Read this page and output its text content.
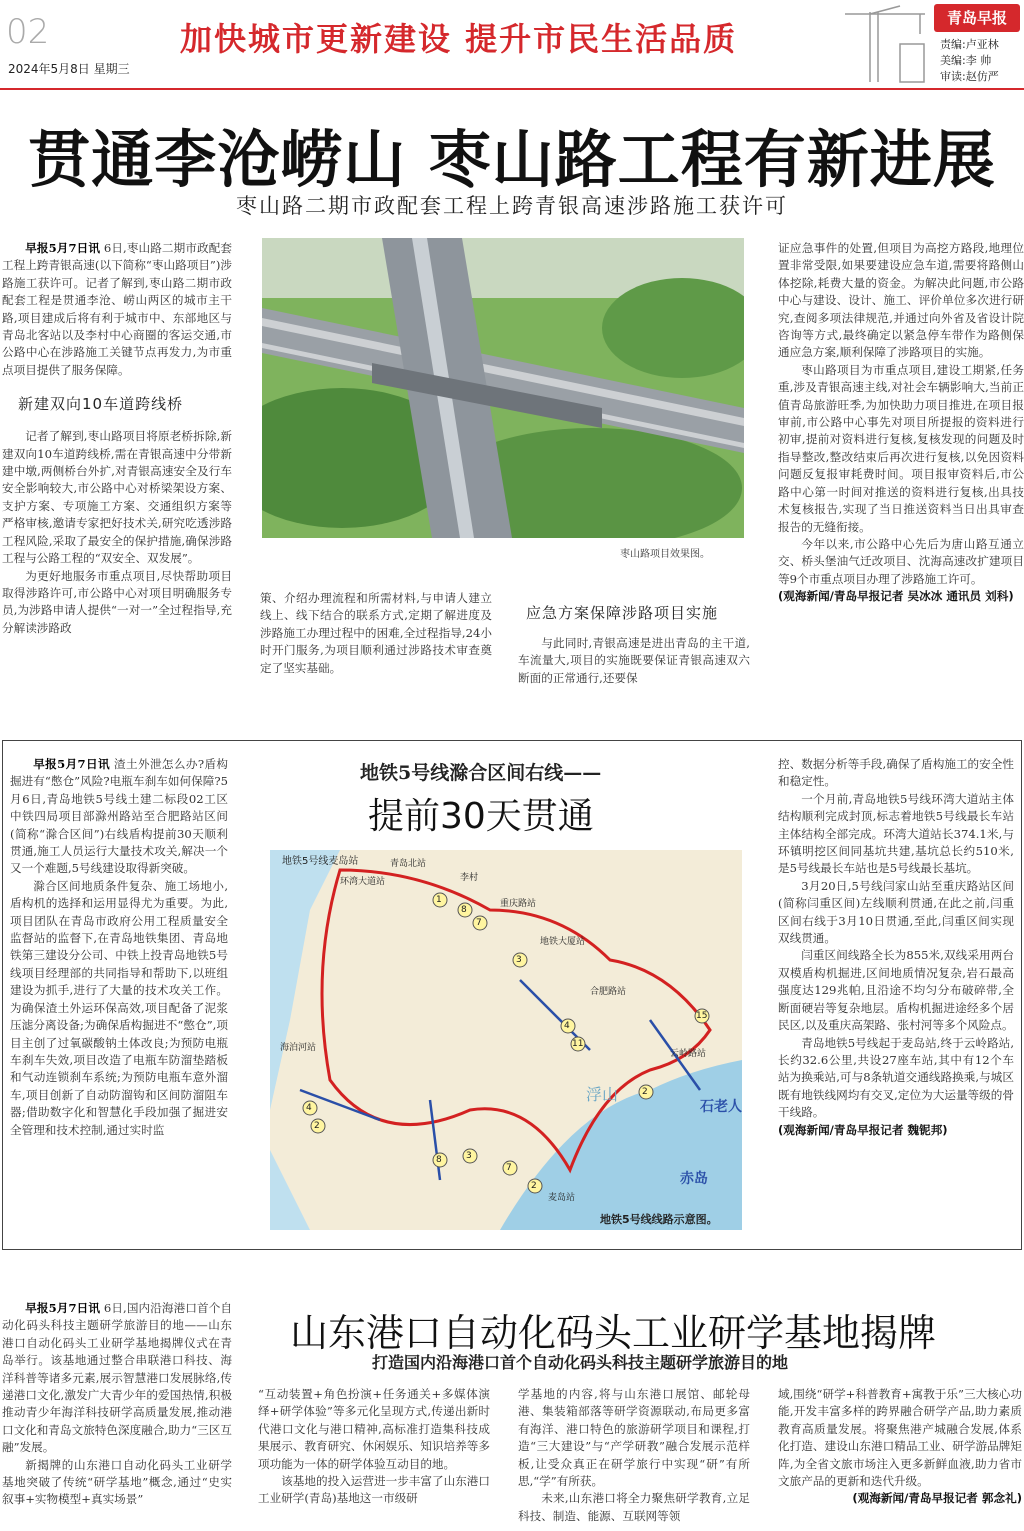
02
2024年5月8日 星期三
加快城市更新建设 提升市民生活品质
青岛早报
责编:卢亚林
美编:李 帅
审读:赵仿严
贯通李沧崂山 枣山路工程有新进展
枣山路二期市政配套工程上跨青银高速涉路施工获许可

早报5月7日讯 6日,枣山路二期市政配套工程上跨青银高速(以下简称“枣山路项目”)涉路施工获许可。记者了解到,枣山路二期市政配套工程是贯通李沧、崂山两区的城市主干路,项目建成后将有利于城市中、东部地区与青岛北客站以及李村中心商圈的客运交通,市公路中心在涉路施工关键节点再发力,为市重点项目提供了服务保障。

新建双向10车道跨线桥

记者了解到,枣山路项目将原老桥拆除,新建双向10车道跨线桥,需在青银高速中分带新建中墩,两侧桥台外扩,对青银高速安全及行车安全影响较大,市公路中心对桥梁架设方案、支护方案、专项施工方案、交通组织方案等严格审核,邀请专家把好技术关,研究吃透涉路工程风险,采取了最安全的保护措施,确保涉路工程与公路工程的“双安全、双发展”。

为更好地服务市重点项目,尽快帮助项目取得涉路许可,市公路中心对项目明确服务专员,为涉路申请人提供“一对一”全过程指导,充分解读涉路政

枣山路项目效果图。

策、介绍办理流程和所需材料,与申请人建立线上、线下结合的联系方式,定期了解进度及涉路施工办理过程中的困难,全过程指导,24小时开门服务,为项目顺利通过涉路技术审查奠定了坚实基础。

应急方案保障涉路项目实施

与此同时,青银高速是进出青岛的主干道,车流量大,项目的实施既要保证青银高速双六断面的正常通行,还要保

证应急事件的处置,但项目为高挖方路段,地理位置非常受限,如果要建设应急车道,需要将路侧山体挖除,耗费大量的资金。为解决此问题,市公路中心与建设、设计、施工、评价单位多次进行研究,查阅多项法律规范,并通过向外省及省设计院咨询等方式,最终确定以紧急停车带作为路侧保通应急方案,顺利保障了涉路项目的实施。

枣山路项目为市重点项目,建设工期紧,任务重,涉及青银高速主线,对社会车辆影响大,当前正值青岛旅游旺季,为加快助力项目推进,在项目报审前,市公路中心事先对项目所提报的资料进行初审,提前对资料进行复核,复核发现的问题及时指导整改,整改结束后再次进行复核,以免因资料问题反复报审耗费时间。项目报审资料后,市公路中心第一时间对推送的资料进行复核,出具技术复核报告,实现了当日推送资料当日出具审查报告的无缝衔接。

今年以来,市公路中心先后为唐山路互通立交、桥头堡油气迁改项目、沈海高速改扩建项目等9个市重点项目办理了涉路施工许可。

(观海新闻/青岛早报记者 吴冰冰 通讯员 刘科)

早报5月7日讯 渣土外泄怎么办?盾构掘进有“憋仓”风险?电瓶车刹车如何保障?5月6日,青岛地铁5号线土建二标段02工区中铁四局项目部滁州路站至合肥路站区间(简称“滁合区间”)右线盾构提前30天顺利贯通,施工人员运行大量技术攻关,解决一个又一个难题,5号线建设取得新突破。

滁合区间地质条件复杂、施工场地小,盾构机的选择和运用显得尤为重要。为此,项目团队在青岛市政府公用工程质量安全监督站的监督下,在青岛地铁集团、青岛地铁第三建设分公司、中铁上投青岛地铁5号线项目经理部的共同指导和帮助下,以班组建设为抓手,进行了大量的技术攻关工作。为确保渣土外运环保高效,项目配备了泥浆压滤分离设备;为确保盾构掘进不“憋仓”,项目主创了过氧碳酸钠土体改良;为预防电瓶车刹车失效,项目改造了电瓶车防溜垫踏板和气动连锁刹车系统;为预防电瓶车意外溜车,项目创新了自动防溜钩和区间防溜阻车器;借助数字化和智慧化手段加强了掘进安全管理和技术控制,通过实时监

地铁5号线滁合区间右线——
提前30天贯通
地铁5号线麦岛站
环湾大道站
重庆路站
地铁大厦站
合肥路站
海泊河站
麦岛站
石老人
浮山
赤岛
青岛北站
李村
云岭路站
1
8
7
3
4
11
15
2
4
2
8	3
7
2
地铁5号线线路示意图。

控、数据分析等手段,确保了盾构施工的安全性和稳定性。

一个月前,青岛地铁5号线环湾大道站主体结构顺利完成封顶,标志着地铁5号线最长车站主体结构全部完成。环湾大道站长374.1米,与环镇明挖区间同基坑共建,基坑总长约510米,是5号线最长车站也是5号线最长基坑。

3月20日,5号线闫家山站至重庆路站区间(简称闫重区间)左线顺利贯通,在此之前,闫重区间右线于3月10日贯通,至此,闫重区间实现双线贯通。

闫重区间线路全长为855米,双线采用两台双模盾构机掘进,区间地质情况复杂,岩石最高强度达129兆帕,且沿途不均匀分布破碎带,全断面硬岩等复杂地层。盾构机掘进途经多个居民区,以及重庆高架路、张村河等多个风险点。

青岛地铁5号线起于麦岛站,终于云岭路站,长约32.6公里,共设27座车站,其中有12个车站为换乘站,可与8条轨道交通线路换乘,与城区既有地铁线网均有交叉,定位为大运量等级的骨干线路。

(观海新闻/青岛早报记者 魏铌邦)

早报5月7日讯 6日,国内沿海港口首个自动化码头科技主题研学旅游目的地——山东港口自动化码头工业研学基地揭牌仪式在青岛举行。该基地通过整合串联港口科技、海洋科普等诸多元素,展示智慧港口发展脉络,传递港口文化,激发广大青少年的爱国热情,积极推动青少年海洋科技研学高质量发展,推动港口文化和青岛文旅特色深度融合,助力“三区互融”发展。

新揭牌的山东港口自动化码头工业研学基地突破了传统“研学基地”概念,通过“史实叙事+实物模型+真实场景”

山东港口自动化码头工业研学基地揭牌
打造国内沿海港口首个自动化码头科技主题研学旅游目的地

“互动装置+角色扮演+任务通关+多媒体演绎+研学体验”等多元化呈现方式,传递出新时代港口文化与港口精神,高标准打造集科技成果展示、教育研究、休闲娱乐、知识培养等多项功能为一体的研学体验互动目的地。

该基地的投入运营进一步丰富了山东港口工业研学(青岛)基地这一市级研

学基地的内容,将与山东港口展馆、邮轮母港、集装箱部落等研学资源联动,布局更多富有海洋、港口特色的旅游研学项目和课程,打造“三大建设”与“产学研教”融合发展示范样板,让受众真正在研学旅行中实现“研”有所思,“学”有所获。

未来,山东港口将全力聚焦研学教育,立足科技、制造、能源、互联网等领

域,围绕“研学+科普教育+寓教于乐”三大核心功能,开发丰富多样的跨界融合研学产品,助力素质教育高质量发展。将聚焦港产城融合发展,体系化打造、建设山东港口精品工业、研学游品牌矩阵,为全省文旅市场注入更多新鲜血液,助力省市文旅产品的更新和迭代升级。

(观海新闻/青岛早报记者 郭念礼)
